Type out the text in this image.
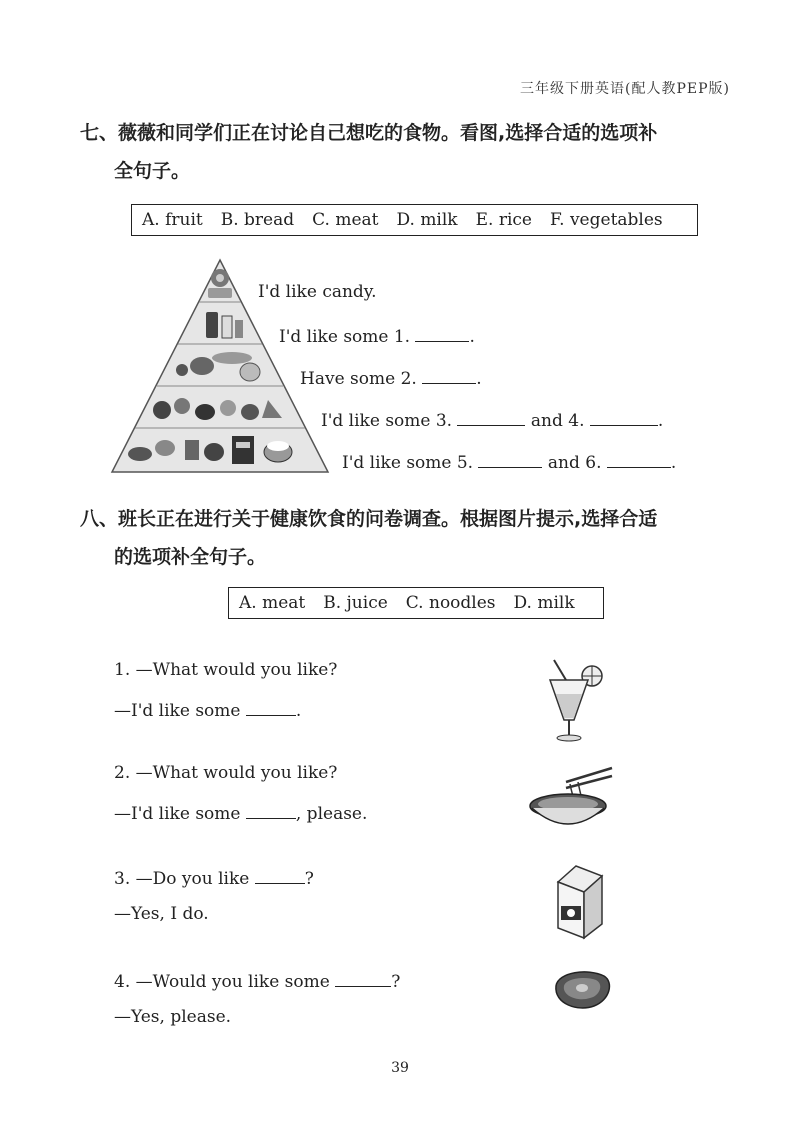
三年级下册英语(配人教PEP版)
七、薇薇和同学们正在讨论自己想吃的食物。看图,选择合适的选项补
全句子。
A. fruit B. bread C. meat D. milk E. rice F. vegetables
I'd like candy.
I'd like some 1.	.
Have some 2.	.
I'd like some 3.	and 4.	.
I'd like some 5.	and 6.	.
八、班长正在进行关于健康饮食的问卷调查。根据图片提示,选择合适
的选项补全句子。
A. meat B. juice C. noodles D. milk
1. —What would you like?
—I'd like some	.
2. —What would you like?
—I'd like some	, please.
3. —Do you like	?
—Yes, I do.
4. —Would you like some	?
—Yes, please.
39
